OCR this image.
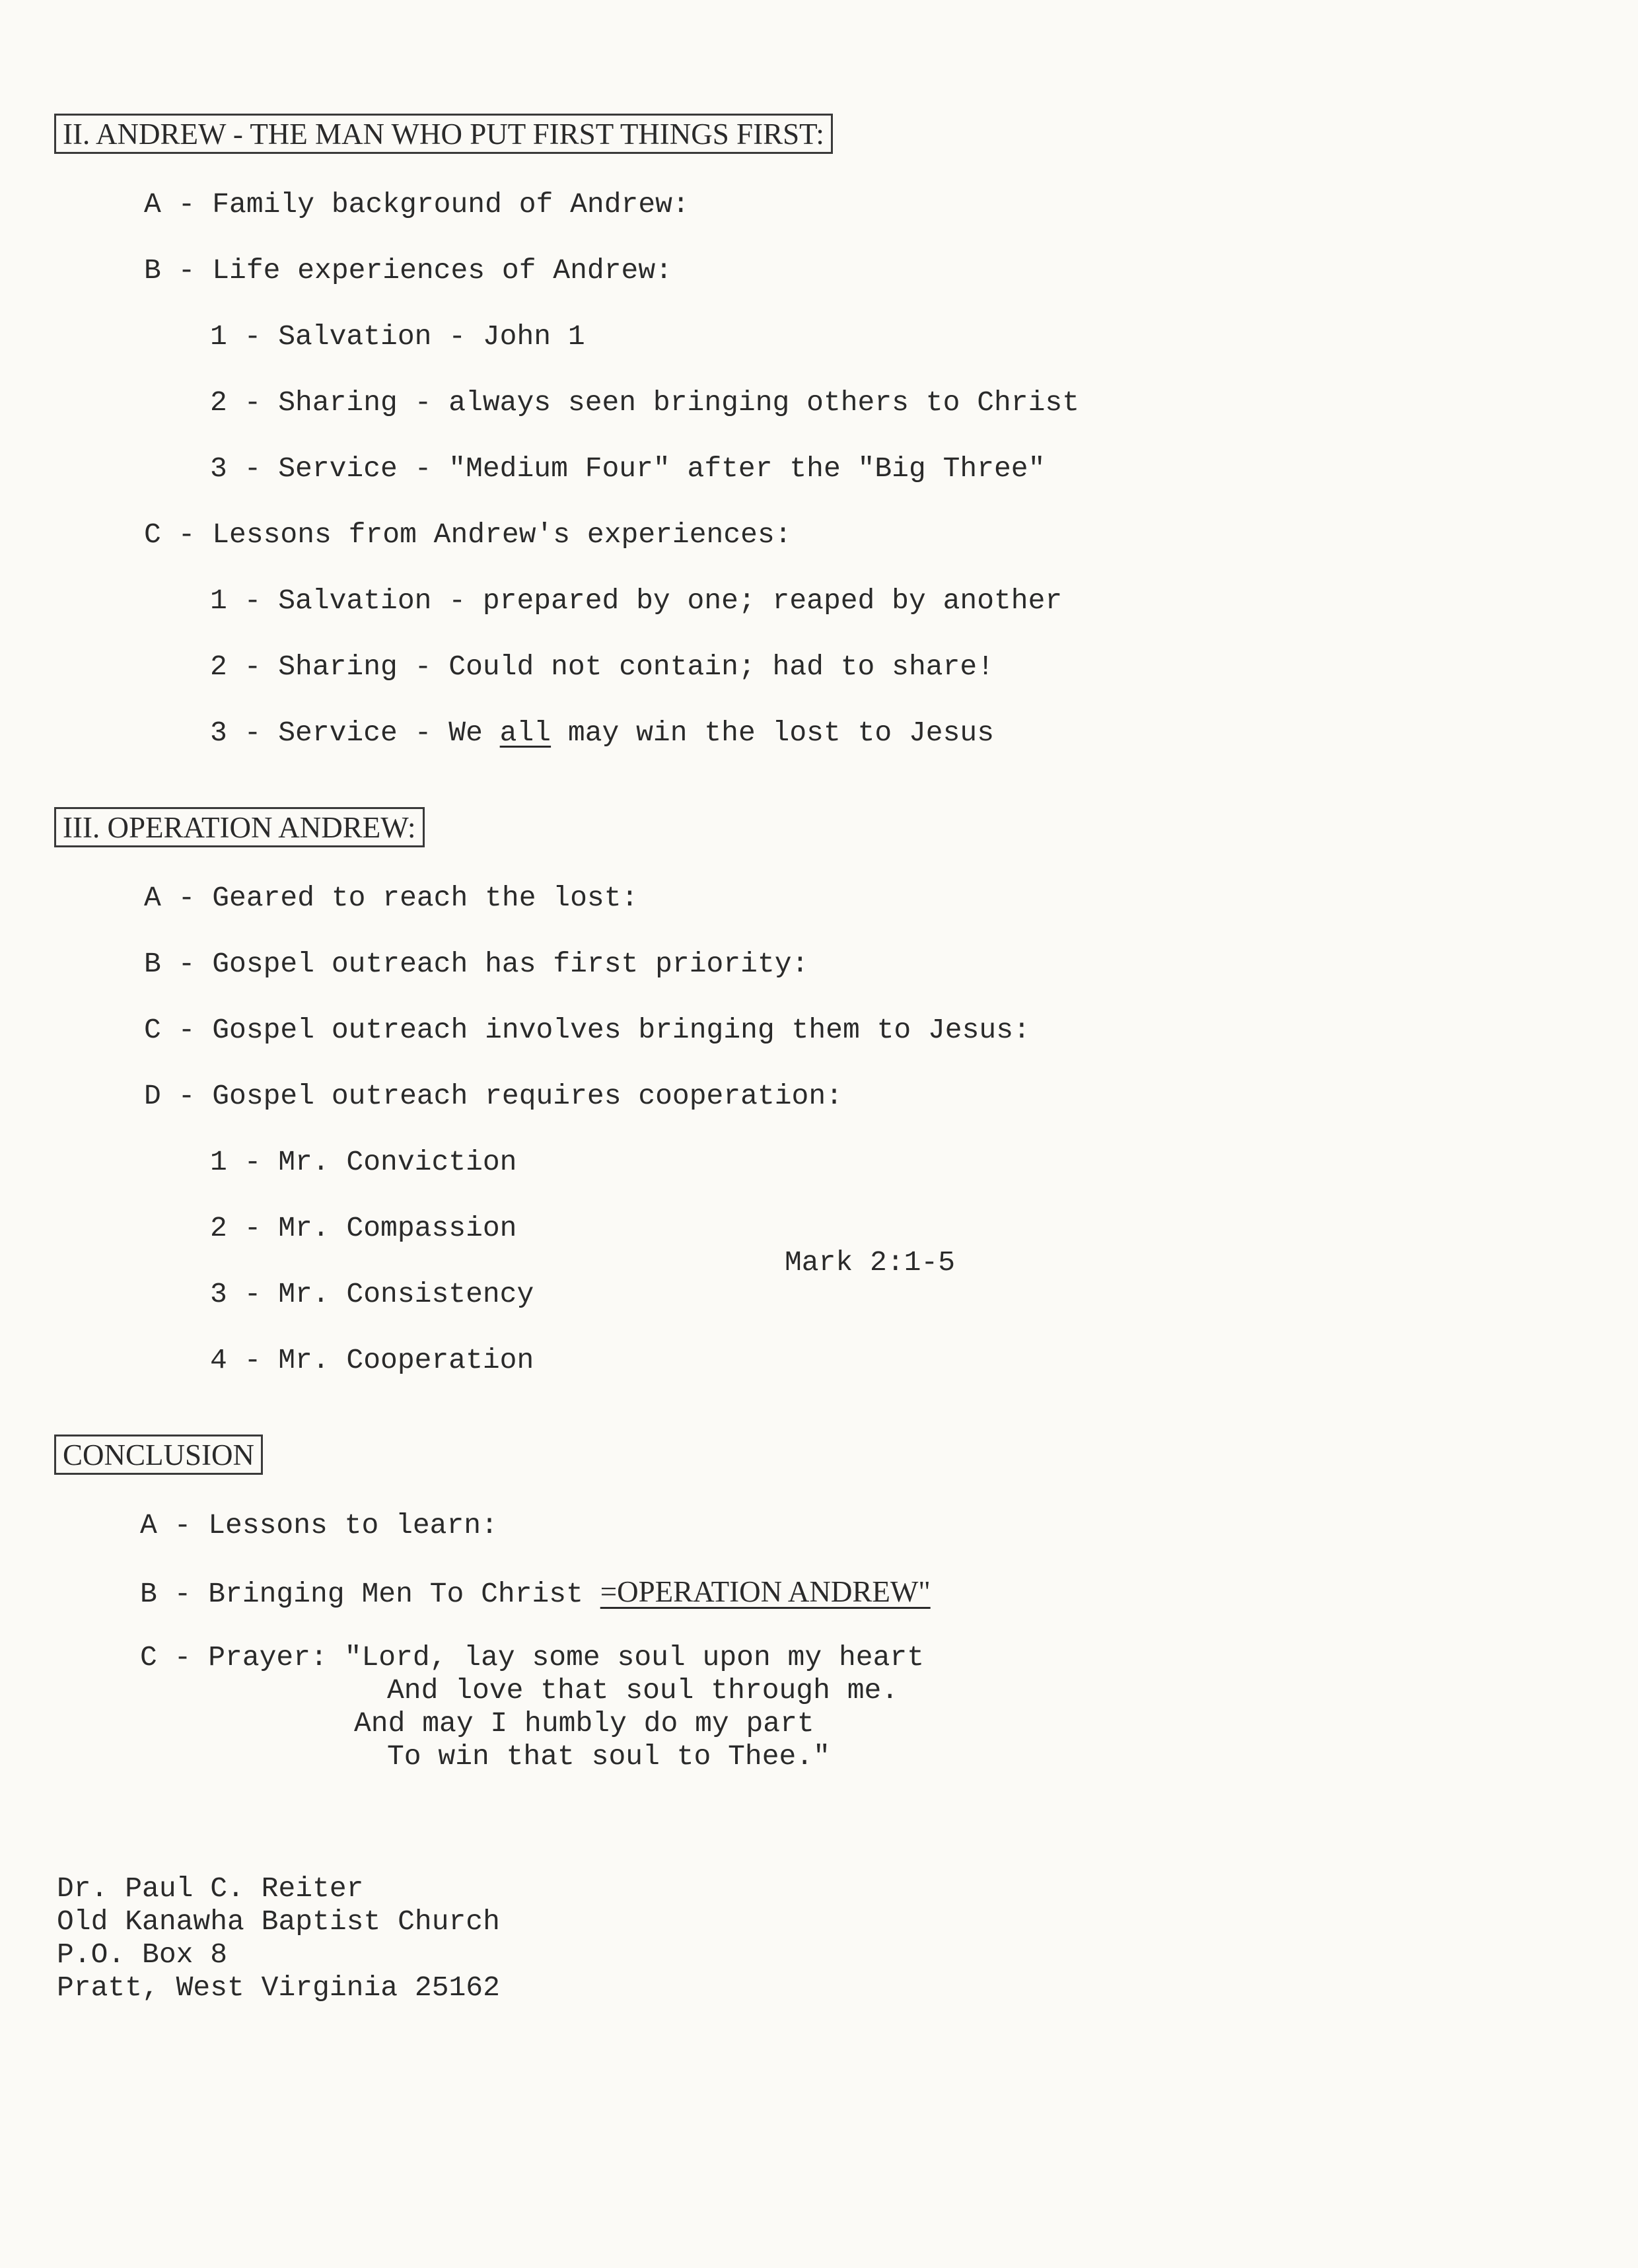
II. ANDREW - THE MAN WHO PUT FIRST THINGS FIRST:
A - Family background of Andrew:
B - Life experiences of Andrew:
1 - Salvation - John 1
2 - Sharing - always seen bringing others to Christ
3 - Service - "Medium Four" after the "Big Three"
C - Lessons from Andrew's experiences:
1 - Salvation - prepared by one; reaped by another
2 - Sharing - Could not contain; had to share!
3 - Service - We all may win the lost to Jesus
III. OPERATION ANDREW:
A - Geared to reach the lost:
B - Gospel outreach has first priority:
C - Gospel outreach involves bringing them to Jesus:
D - Gospel outreach requires cooperation:
1 - Mr. Conviction
2 - Mr. Compassion
3 - Mr. Consistency
4 - Mr. Cooperation
Mark 2:1-5
CONCLUSION
A - Lessons to learn:
B - Bringing Men To Christ =OPERATION ANDREW"
C - Prayer: "Lord, lay some soul upon my heart
And love that soul through me.
And may I humbly do my part
To win that soul to Thee."
Dr. Paul C. Reiter
Old Kanawha Baptist Church
P.O. Box 8
Pratt, West Virginia 25162
